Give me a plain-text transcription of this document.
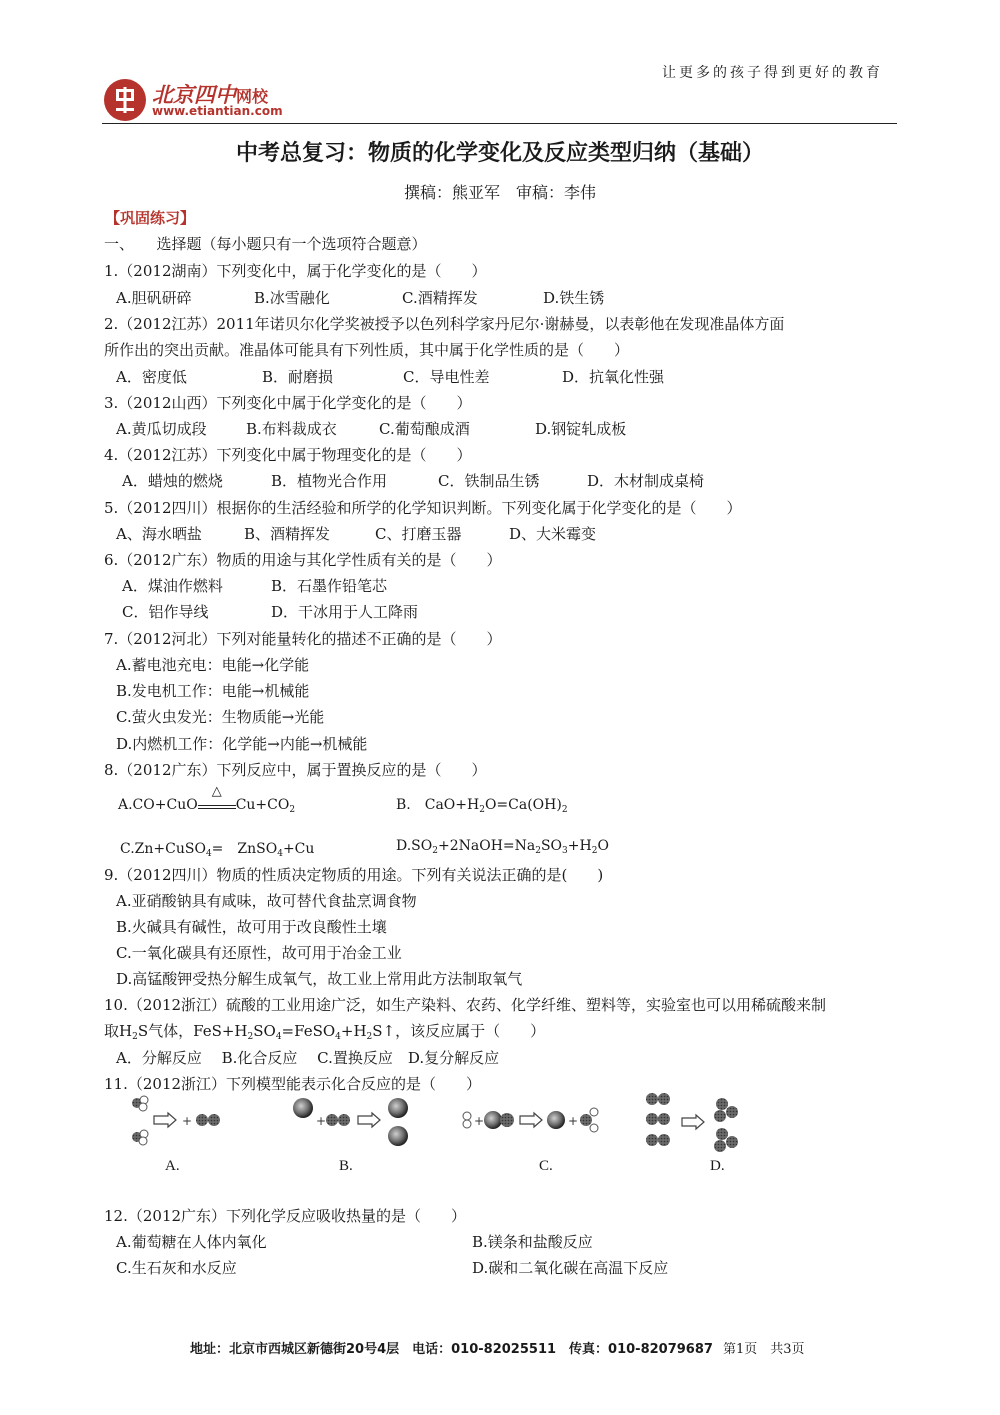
北京四中网校
www.etiantian.com
让更多的孩子得到更好的教育
中考总复习：物质的化学变化及反应类型归纳（基础）
撰稿：熊亚军　审稿：李伟
【巩固练习】
一、　　选择题（每小题只有一个选项符合题意）
1.（2012湖南）下列变化中，属于化学变化的是（　　）
A.胆矾研碎	B.冰雪融化	C.酒精挥发	D.铁生锈
2.（2012江苏）2011年诺贝尔化学奖被授予以色列科学家丹尼尔·谢赫曼，以表彰他在发现准晶体方面
所作出的突出贡献。准晶体可能具有下列性质，其中属于化学性质的是（　　）
A．密度低	B．耐磨损	C．导电性差	D．抗氧化性强
3.（2012山西）下列变化中属于化学变化的是（　　）
A.黄瓜切成段	B.布料裁成衣	C.葡萄酿成酒	D.钢锭轧成板
4.（2012江苏）下列变化中属于物理变化的是（　　）
A．蜡烛的燃烧	B．植物光合作用	C．铁制品生锈	D．木材制成桌椅
5.（2012四川）根据你的生活经验和所学的化学知识判断。下列变化属于化学变化的是（　　）
A、海水晒盐	B、酒精挥发	C、打磨玉器	D、大米霉变
6.（2012广东）物质的用途与其化学性质有关的是（　　）
A．煤油作燃料	B．石墨作铅笔芯
C．铝作导线	D．干冰用于人工降雨
7.（2012河北）下列对能量转化的描述不正确的是（　　）
A.蓄电池充电：电能→化学能
B.发电机工作：电能→机械能
C.萤火虫发光：生物质能→光能
D.内燃机工作：化学能→内能→机械能
8.（2012广东）下列反应中，属于置换反应的是（　　）
A.CO+CuO
△
$Cu+CO_2$	B.　$CaO+H_2O=Ca(OH)_2$
C.Zn+CuSO$_4$=　ZnSO$_4$+Cu	$D.SO_2+2NaOH=Na_2SO_3+H_2O$
9.（2012四川）物质的性质决定物质的用途。下列有关说法正确的是(　　)
A.亚硝酸钠具有咸味，故可替代食盐烹调食物
B.火碱具有碱性，故可用于改良酸性土壤
C.一氧化碳具有还原性，故可用于冶金工业
D.高锰酸钾受热分解生成氧气，故工业上常用此方法制取氧气
10.（2012浙江）硫酸的工业用途广泛，如生产染料、农药、化学纤维、塑料等，实验室也可以用稀硫酸来制
取$H_2S$气体，$FeS+H_2SO_4=FeSO_4+H_2S↑$，该反应属于（　　）
A．分解反应　 B.化合反应　 C.置换反应　D.复分解反应
11.（2012浙江）下列模型能表示化合反应的是（　　）
+	+	+	+
A.	B.	C.	D.
12.（2012广东）下列化学反应吸收热量的是（　　）
A.葡萄糖在人体内氧化	B.镁条和盐酸反应
C.生石灰和水反应	D.碳和二氧化碳在高温下反应
地址：北京市西城区新德街20号4层　电话：010-82025511　传真：010-82079687 第1页　共3页
